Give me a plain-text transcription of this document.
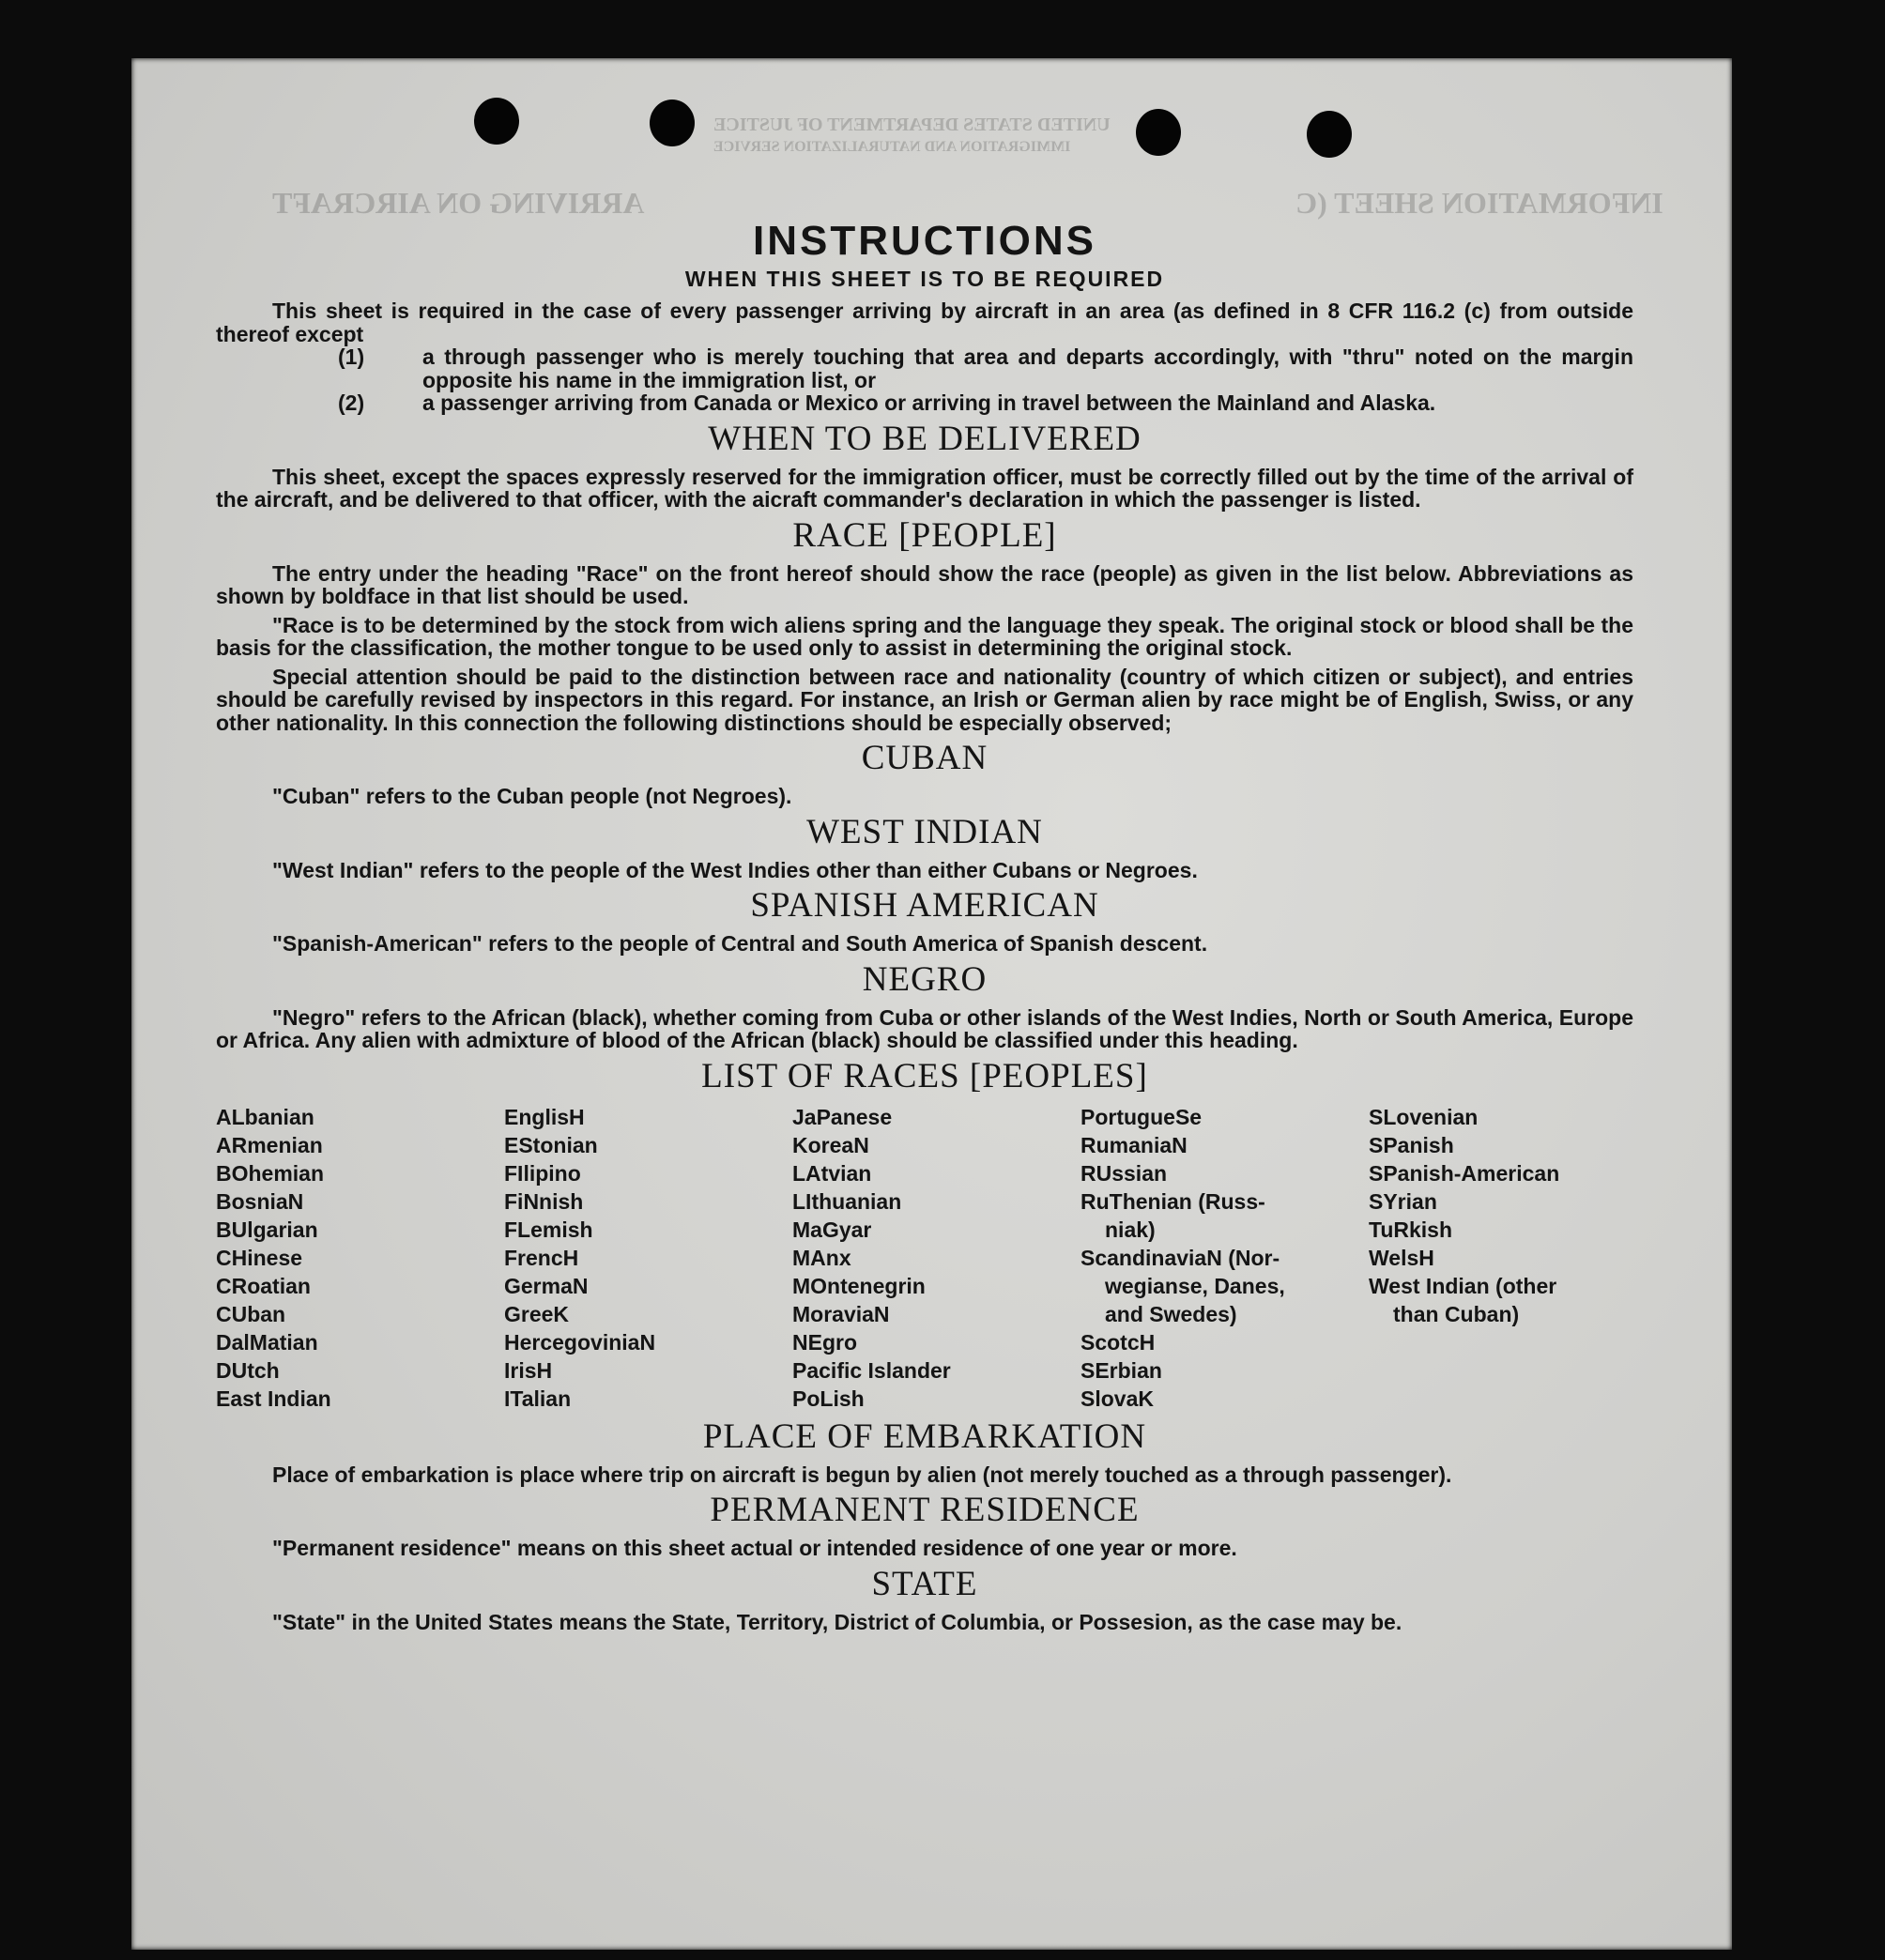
UNITED STATES DEPARTMENT OF JUSTICE
IMMIGRATION AND NATURALIZATION SERVICE
INFORMATION SHEET (C
ARRIVING ON AIRCRAFT
INSTRUCTIONS
WHEN THIS SHEET IS TO BE REQUIRED

This sheet is required in the case of every passenger arriving by aircraft in an area (as defined in 8 CFR 116.2 (c) from outside thereof except

(1)	a through passenger who is merely touching that area and departs accordingly, with "thru" noted on the margin opposite his name in the immigration list, or

(2)	a passenger arriving from Canada or Mexico or arriving in travel between the Mainland and Alaska.

WHEN TO BE DELIVERED

This sheet, except the spaces expressly reserved for the immigration officer, must be correctly filled out by the time of the arrival of the aircraft, and be delivered to that officer, with the aicraft commander's declaration in which the passenger is listed.

RACE [PEOPLE]

The entry under the heading "Race" on the front hereof should show the race (people) as given in the list below. Abbreviations as shown by boldface in that list should be used.

"Race is to be determined by the stock from wich aliens spring and the language they speak. The original stock or blood shall be the basis for the classification, the mother tongue to be used only to assist in determining the original stock.

Special attention should be paid to the distinction between race and nationality (country of which citizen or subject), and entries should be carefully revised by inspectors in this regard. For instance, an Irish or German alien by race might be of English, Swiss, or any other nationality. In this connection the following distinctions should be especially observed;

CUBAN

"Cuban" refers to the Cuban people (not Negroes).

WEST INDIAN

"West Indian" refers to the people of the West Indies other than either Cubans or Negroes.

SPANISH AMERICAN

"Spanish-American" refers to the people of Central and South America of Spanish descent.

NEGRO

"Negro" refers to the African (black), whether coming from Cuba or other islands of the West Indies, North or South America, Europe or Africa. Any alien with admixture of blood of the African (black) should be classified under this heading.

LIST OF RACES [PEOPLES]
ALbanian
ARmenian
BOhemian
BosniaN
BUlgarian
CHinese
CRoatian
CUban
DalMatian
DUtch
East Indian
EnglisH
EStonian
FIlipino
FiNnish
FLemish
FrencH
GermaN
GreeK
HercegoviniaN
IrisH
ITalian
JaPanese
KoreaN
LAtvian
LIthuanian
MaGyar
MAnx
MOntenegrin
MoraviaN
NEgro
Pacific Islander
PoLish
PortugueSe
RumaniaN
RUssian
RuThenian (Russ-
niak)
ScandinaviaN (Nor-
wegianse, Danes,
and Swedes)
ScotcH
SErbian
SlovaK
SLovenian
SPanish
SPanish-American
SYrian
TuRkish
WelsH
West Indian (other
than Cuban)
PLACE OF EMBARKATION

Place of embarkation is place where trip on aircraft is begun by alien (not merely touched as a through passenger).

PERMANENT RESIDENCE

"Permanent residence" means on this sheet actual or intended residence of one year or more.

STATE

"State" in the United States means the State, Territory, District of Columbia, or Possesion, as the case may be.
